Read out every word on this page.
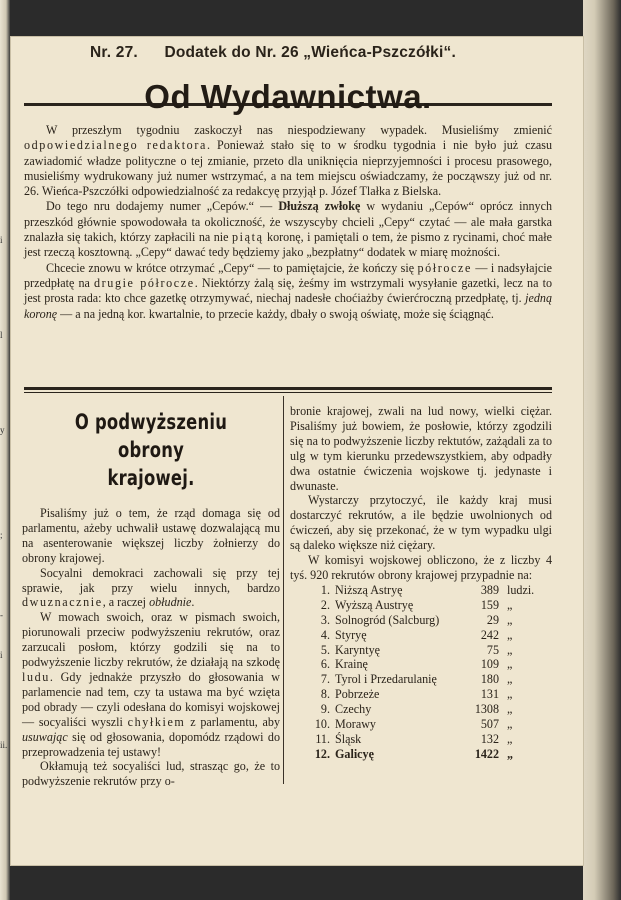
i
l
y
;
i
ii.
-
Nr. 27. Dodatek do Nr. 26 „Wieńca-Pszczółki“.
Od Wydawnictwa.

W przeszłym tygodniu zaskoczył nas niespodziewany wypadek. Musieliśmy zmienić odpowiedzialnego redaktora. Ponieważ stało się to w środku tygodnia i nie było już czasu zawiadomić władze polityczne o tej zmianie, przeto dla uniknięcia nieprzyjemności i procesu prasowego, musieliśmy wydrukowany już numer wstrzymać, a na tem miejscu oświadczamy, że począwszy już od nr. 26. Wieńca-Pszczółki odpowiedzialność za redakcyę przyjął p. Józef Tlałka z Bielska.

Do tego nru dodajemy numer „Cepów.“ — Dłuższą zwłokę w wydaniu „Cepów“ oprócz innych przeszkód głównie spowodowała ta okoliczność, że wszyscyby chcieli „Cepy“ czytać — ale mała garstka znalazła się takich, którzy zapłacili na nie piątą koronę, i pamiętali o tem, że pismo z rycinami, choć małe jest rzeczą kosztowną. „Cepy“ dawać tedy będziemy jako „bezpłatny“ dodatek w miarę możności.

Chcecie znowu w krótce otrzymać „Cepy“ — to pamiętajcie, że kończy się półrocze — i nadsyłajcie przedpłatę na drugie półrocze. Niektórzy żalą się, żeśmy im wstrzymali wysyłanie gazetki, lecz na to jest prosta rada: kto chce gazetkę otrzymywać, niechaj nadesłe choćiażby ćwierćroczną przedpłatę, tj. jedną koronę — a na jedną kor. kwartalnie, to przecie każdy, dbały o swoją oświatę, może się ściągnąć.

O podwyższeniu obrony
krajowej.

Pisaliśmy już o tem, że rząd domaga się od parlamentu, ażeby uchwalił ustawę dozwalającą mu na asenterowanie większej liczby żołnierzy do obrony krajowej.

Socyalni demokraci zachowali się przy tej sprawie, jak przy wielu innych, bardzo dwuznacznie, a raczej obłudnie.

W mowach swoich, oraz w pismach swoich, piorunowali przeciw podwyższeniu rekrutów, oraz zarzucali posłom, którzy godzili się na to podwyższenie liczby rekrutów, że działają na szkodę ludu. Gdy jednakże przyszło do głosowania w parlamencie nad tem, czy ta ustawa ma być wzięta pod obrady — czyli odesłana do komisyi wojskowej — socyaliści wyszli chyłkiem z parlamentu, aby usuwając się od głosowania, dopomódz rządowi do przeprowadzenia tej ustawy!

Okłamują też socyaliści lud, strasząc go, że to podwyższenie rekrutów przy o-

bronie krajowej, zwali na lud nowy, wielki ciężar. Pisaliśmy już bowiem, że posłowie, którzy zgodzili się na to podwyższenie liczby rektutów, zażądali za to ulg w tym kierunku przedewszystkiem, aby odpadły dwa ostatnie ćwiczenia wojskowe tj. jedynaste i dwunaste.

Wystarczy przytoczyć, ile każdy kraj musi dostarczyć rekrutów, a ile będzie uwolnionych od ćwiczeń, aby się przekonać, że w tym wypadku ulgi są daleko większe niż ciężary.

W komisyi wojskowej obliczono, że z liczby 4 tyś. 920 rekrutów obrony krajowej przypadnie na:

1.	Niższą Astryę	389	ludzi.
2.	Wyższą Austryę	159	„
3.	Solnogród (Salcburg)	29	„
4.	Styryę	242	„
5.	Karyntyę	75	„
6.	Krainę	109	„
7.	Tyrol i Przedarulanię	180	„
8.	Pobrzeże	131	„
9.	Czechy	1308	„
10.	Morawy	507	„
11.	Śląsk	132	„
12.	Galicyę	1422	„
